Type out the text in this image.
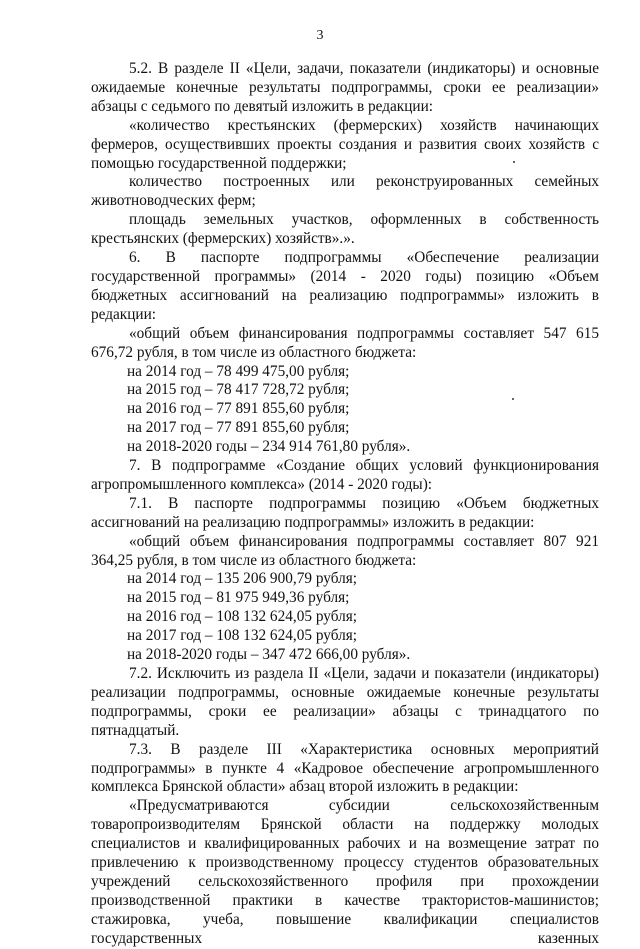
3

5.2. В разделе II «Цели, задачи, показатели (индикаторы) и основные ожидаемые конечные результаты подпрограммы, сроки ее реализации» абзацы с седьмого по девятый изложить в редакции:

«количество крестьянских (фермерских) хозяйств начинающих фермеров, осуществивших проекты создания и развития своих хозяйств с помощью государственной поддержки;

количество построенных или реконструированных семейных животноводческих ферм;

площадь земельных участков, оформленных в собственность крестьянских (фермерских) хозяйств».».

6. В паспорте подпрограммы «Обеспечение реализации государственной программы» (2014 - 2020 годы) позицию «Объем бюджетных ассигнований на реализацию подпрограммы» изложить в редакции:

«общий объем финансирования подпрограммы составляет 547 615 676,72 рубля, в том числе из областного бюджета:

на 2014 год – 78 499 475,00 рубля;

на 2015 год – 78 417 728,72 рубля;

на 2016 год – 77 891 855,60 рубля;

на 2017 год – 77 891 855,60 рубля;

на 2018-2020 годы – 234 914 761,80 рубля».

7. В подпрограмме «Создание общих условий функционирования агропромышленного комплекса» (2014 - 2020 годы):

7.1. В паспорте подпрограммы позицию «Объем бюджетных ассигнований на реализацию подпрограммы» изложить в редакции:

«общий объем финансирования подпрограммы составляет 807 921 364,25 рубля, в том числе из областного бюджета:

на 2014 год – 135 206 900,79 рубля;

на 2015 год – 81 975 949,36 рубля;

на 2016 год – 108 132 624,05 рубля;

на 2017 год – 108 132 624,05 рубля;

на 2018-2020 годы – 347 472 666,00 рубля».

7.2. Исключить из раздела II «Цели, задачи и показатели (индикаторы) реализации подпрограммы, основные ожидаемые конечные результаты подпрограммы, сроки ее реализации» абзацы с тринадцатого по пятнадцатый.

7.3. В разделе III «Характеристика основных мероприятий подпрограммы» в пункте 4 «Кадровое обеспечение агропромышленного комплекса Брянской области» абзац второй изложить в редакции:

«Предусматриваются субсидии сельскохозяйственным товаропроизводителям Брянской области на поддержку молодых специалистов и квалифицированных рабочих и на возмещение затрат по привлечению к производственному процессу студентов образовательных учреждений сельскохозяйственного профиля при прохождении производственной практики в качестве трактористов-машинистов; стажировка, учеба, повышение квалификации специалистов государственных казенных
